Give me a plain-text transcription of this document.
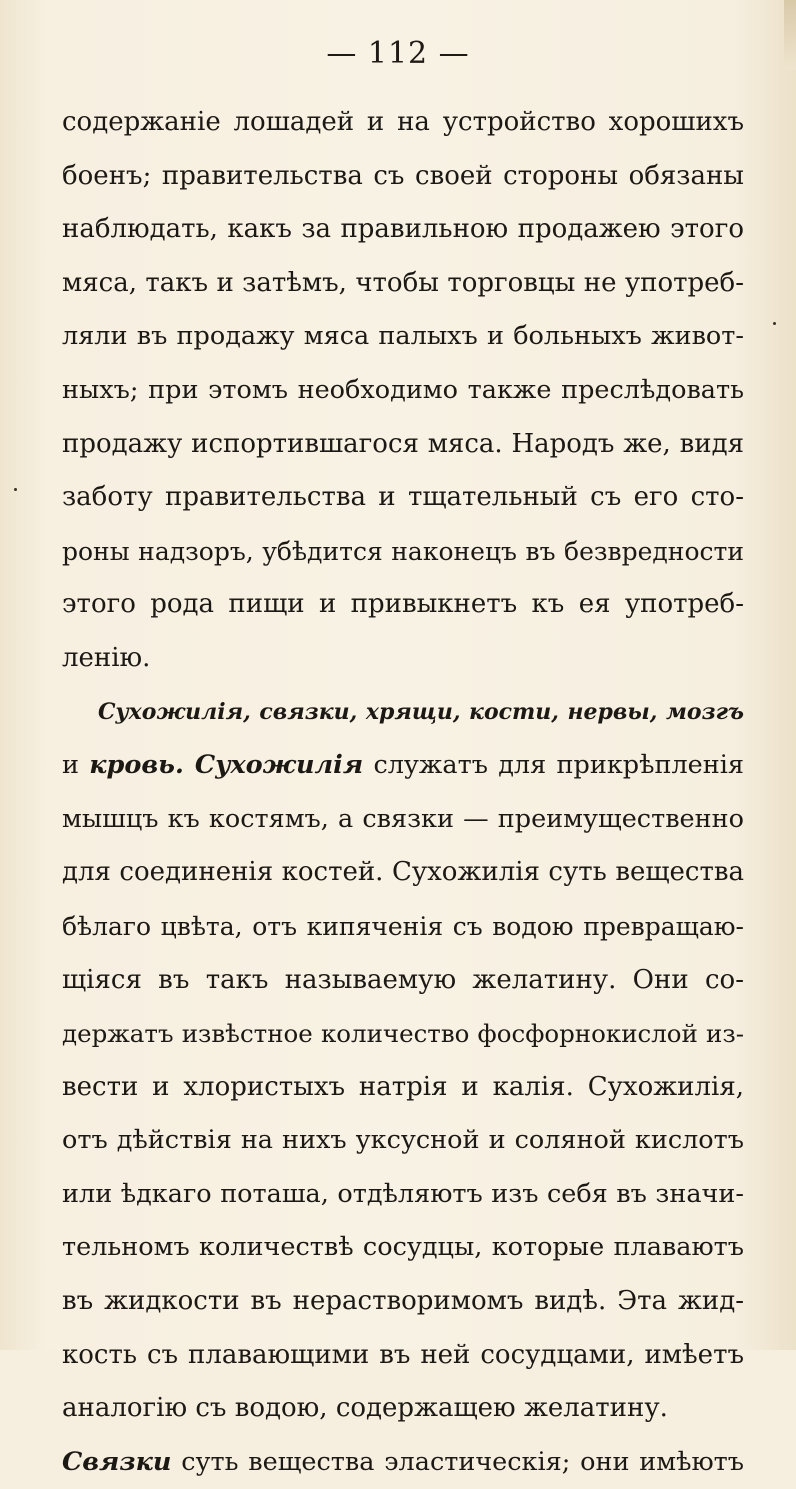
— 112 —
содержаніе лошадей и на устройство хорошихъ
боенъ; правительства съ своей стороны обязаны
наблюдать, какъ за правильною продажею этого
мяса, такъ и затѣмъ, чтобы торговцы не употреб-
ляли въ продажу мяса палыхъ и больныхъ живот-
ныхъ; при этомъ необходимо также преслѣдовать
продажу испортившагося мяса. Народъ же, видя
заботу правительства и тщательный съ его сто-
роны надзоръ, убѣдится наконецъ въ безвредности
этого рода пищи и привыкнетъ къ ея употреб-
ленію.
Сухожилія, связки, хрящи, кости, нервы, мозгъ
и кровь. Сухожилія служатъ для прикрѣпленія
мышцъ къ костямъ, а связки — преимущественно
для соединенія костей. Сухожилія суть вещества
бѣлаго цвѣта, отъ кипяченія съ водою превращаю-
щіяся въ такъ называемую желатину. Они со-
держатъ извѣстное количество фосфорнокислой из-
вести и хлористыхъ натрія и калія. Сухожилія,
отъ дѣйствія на нихъ уксусной и соляной кислотъ
или ѣдкаго поташа, отдѣляютъ изъ себя въ значи-
тельномъ количествѣ сосудцы, которые плаваютъ
въ жидкости въ нерастворимомъ видѣ. Эта жид-
кость съ плавающими въ ней сосудцами, имѣетъ
аналогію съ водою, содержащею желатину.
Связки суть вещества эластическія; они имѣютъ
